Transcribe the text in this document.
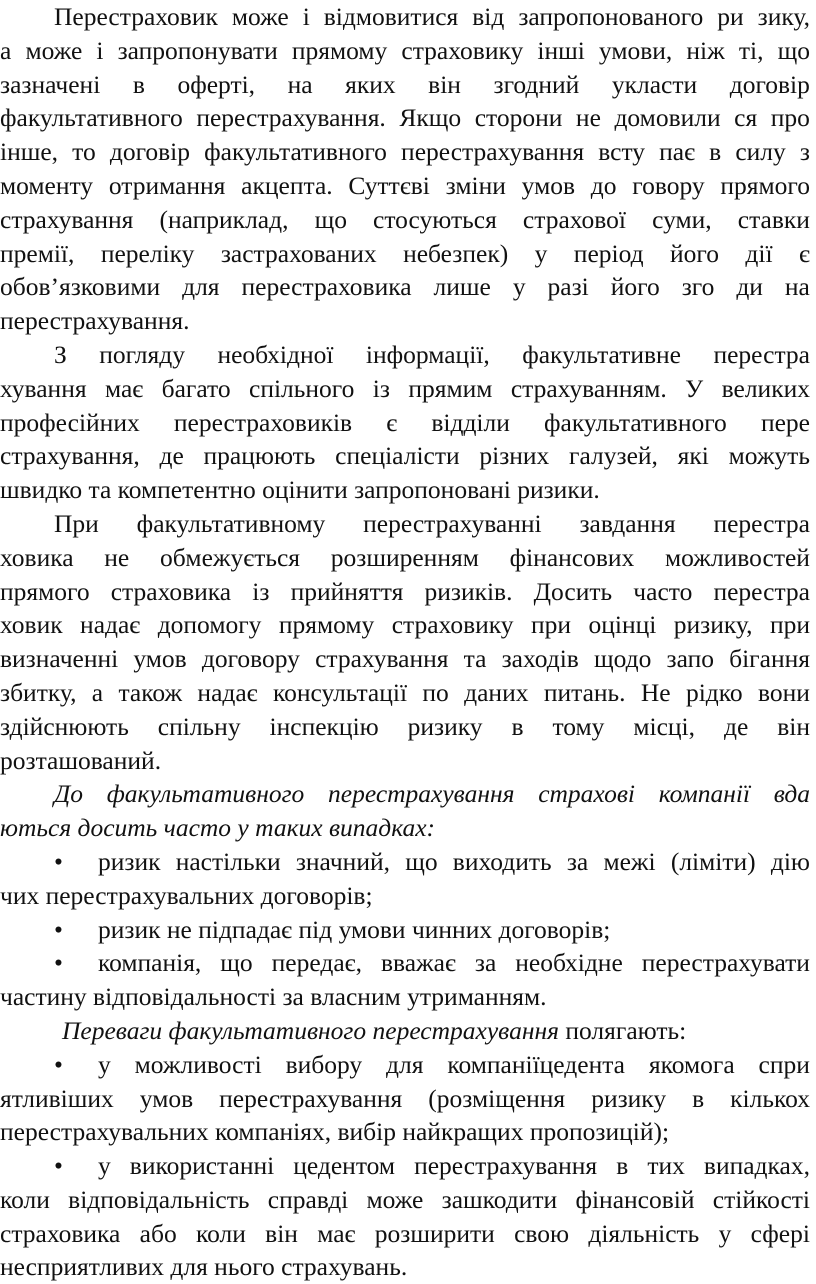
Перестраховик може і відмовитися від запропонованого ри зику,
а може і запропонувати прямому страховику інші умови, ніж ті, що
зазначені в оферті, на яких він згодний укласти договір
факультативного перестрахування. Якщо сторони не домовили ся про
інше, то договір факультативного перестрахування всту пає в силу з
моменту отримання акцепта. Суттєві зміни умов до говору прямого
страхування (наприклад, що стосуються страхової суми, ставки
премії, переліку застрахованих небезпек) у період його дії є
обов’язковими для перестраховика лише у разі його зго ди на
перестрахування.
З погляду необхідної інформації, факультативне перестра
хування має багато спільного із прямим страхуванням. У великих
професійних перестраховиків є відділи факультативного пере
страхування, де працюють спеціалісти різних галузей, які можуть
швидко та компетентно оцінити запропоновані ризики.
При факультативному перестрахуванні завдання перестра
ховика не обмежується розширенням фінансових можливостей
прямого страховика із прийняття ризиків. Досить часто перестра
ховик надає допомогу прямому страховику при оцінці ризику, при
визначенні умов договору страхування та заходів щодо запо бігання
збитку, а також надає консультації по даних питань. Не рідко вони
здійснюють спільну інспекцію ризику в тому місці, де він
розташований.
До факультативного перестрахування страхові компанії вда
ються досить часто у таких випадках:
•	ризик настільки значний, що виходить за межі (ліміти) дію
чих перестрахувальних договорів;
•	ризик не підпадає під умови чинних договорів;
•	компанія, що передає, вважає за необхідне перестрахувати
частину відповідальності за власним утриманням.
Переваги факультативного перестрахування полягають:
•	у можливості вибору для компаніїцедента якомога спри
ятливіших умов перестрахування (розміщення ризику в кількох
перестрахувальних компаніях, вибір найкращих пропозицій);
•	у використанні цедентом перестрахування в тих випадках,
коли відповідальність справді може зашкодити фінансовій стійкості
страховика або коли він має розширити свою діяльність у сфері
несприятливих для нього страхувань.
